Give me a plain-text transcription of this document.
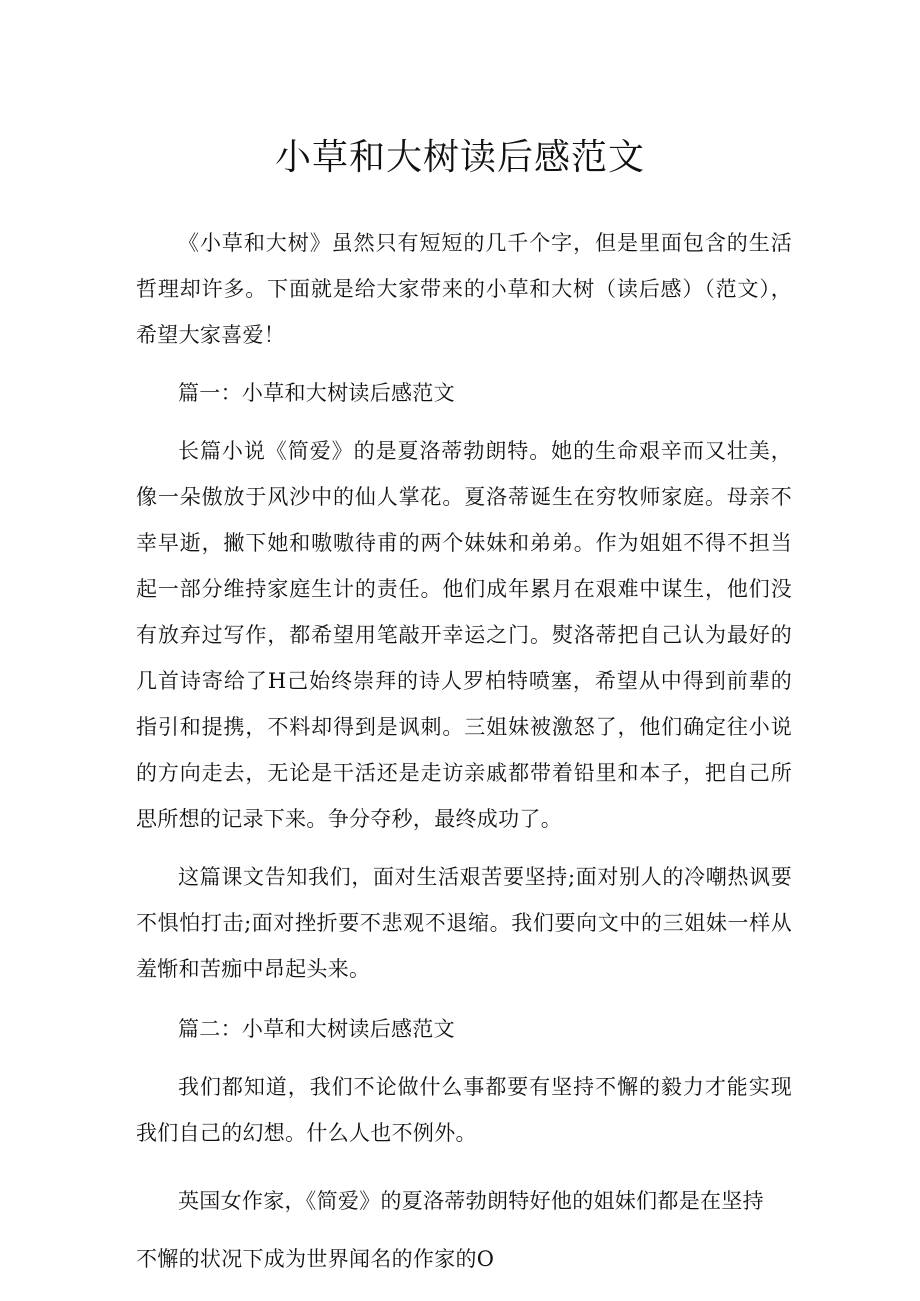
小草和大树读后感范文

《小草和大树》虽然只有短短的几千个字，但是里面包含的生活哲理却许多。下面就是给大家带来的小草和大树（读后感）（范文），希望大家喜爱！

篇一：小草和大树读后感范文

长篇小说《简爱》的是夏洛蒂勃朗特。她的生命艰辛而又壮美，像一朵傲放于风沙中的仙人掌花。夏洛蒂诞生在穷牧师家庭。母亲不幸早逝，撇下她和嗷嗷待甫的两个妹妹和弟弟。作为姐姐不得不担当起一部分维持家庭生计的责任。他们成年累月在艰难中谋生，他们没有放弃过写作，都希望用笔敲开幸运之门。熨洛蒂把自己认为最好的几首诗寄给了H己始终崇拜的诗人罗柏特喷塞，希望从中得到前辈的指引和提携，不料却得到是讽刺。三姐妹被激怒了，他们确定往小说的方向走去，无论是干活还是走访亲戚都带着铅里和本子，把自己所思所想的记录下来。争分夺秒，最终成功了。

这篇课文告知我们，面对生活艰苦要坚持;面对别人的冷嘲热讽要不惧怕打击;面对挫折要不悲观不退缩。我们要向文中的三姐妹一样从羞惭和苦痂中昂起头来。

篇二：小草和大树读后感范文

我们都知道，我们不论做什么事都要有坚持不懈的毅力才能实现我们自己的幻想。什么人也不例外。

英国女作家，《简爱》的夏洛蒂勃朗特好他的姐妹们都是在坚持

不懈的状况下成为世界闻名的作家的O
